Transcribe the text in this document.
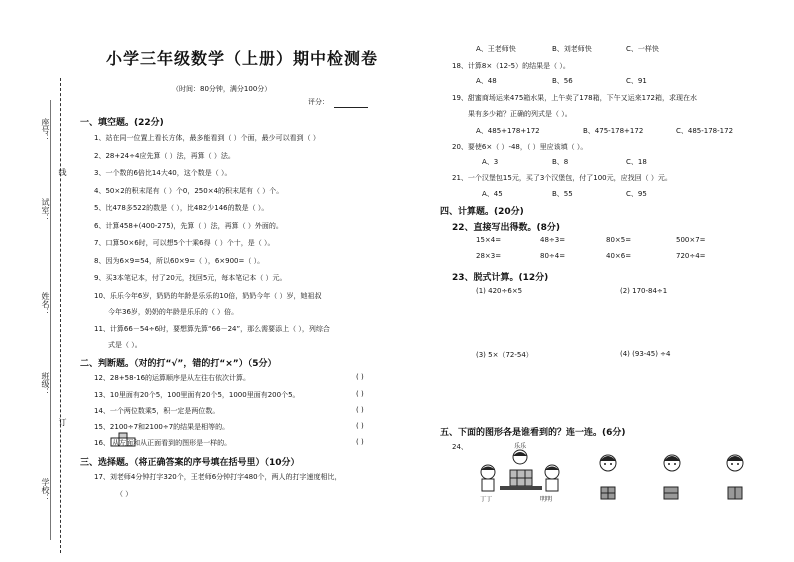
座号：
线
试室：
姓名：
班级：
订
学校：
小学三年级数学（上册）期中检测卷
（时间：80分钟，满分100分）
评分：
一、填空题。(22分)
1、站在同一位置上看长方体，最多能看到（ ）个面，最少可以看到（ ）
2、28+24÷4应先算（ ）法，再算（ ）法。
3、一个数的6倍比14大40，这个数是（ ）。
4、50×2的积末尾有（ ）个0，250×4的积末尾有（ ）个。
5、比478多522的数是（ ），比482少146的数是（ ）。
6、计算458+(400-275)，先算（ ）法，再算（ ）外面的。
7、口算50×6时，可以想5个十乘6得（ ）个十，是（ ）。
8、因为6×9=54，所以60×9=（ ），6×900=（ ）。
9、买3本笔记本，付了20元，找回5元，每本笔记本（ ）元。
10、乐乐今年6岁，奶奶的年龄是乐乐的10倍，奶奶今年（ ）岁，她祖叔
今年36岁，奶奶的年龄是乐乐的（ ）倍。
11、计算66－54÷6时，要想算先算“66－24”，那么需要添上（ ），列综合
式是（ ）。
二、判断题。（对的打“√”，错的打“×”）（5分）
12、28+58-16的运算顺序是从左往右依次计算。	( )
13、10里面有20个5，100里面有20个5，1000里面有200个5。	( )
14、一个两位数乘5，积一定是两位数。	( )
15、2100÷7和2100÷7的结果是相等的。	( )
16、 从左面和从正面看到的图形是一样的。	( )
三、选择题。（将正确答案的序号填在括号里）（10分）
17、刘老师4分钟打字320个，王老师6分钟打字480个，两人的打字速度相比，
（ ）
A、王老师快	B、刘老师快	C、一样快
18、计算8×（12-5）的结果是（ ）。
A、48	B、56	C、91
19、甜蜜商场运来475箱水果，上午卖了178箱，下午又运来172箱，求现在水
果有多少箱？正确的列式是（ ）。
A、485+178+172	B、475-178+172	C、485-178-172
20、要使6×（ ）-48，（ ）里应该填（ ）。
A、3	B、8	C、18
21、一个汉堡包15元，买了3个汉堡包，付了100元，应找回（ ）元。
A、45	B、55	C、95
四、计算题。(20分)
22、直接写出得数。(8分)
15×4=	48÷3=	80×5=	500×7=
28×3=	80÷4=	40×6=	720÷4=
23、脱式计算。(12分)
(1) 420÷6×5	(2) 170-84÷1
(3) 5×（72-54）	(4) (93-45) ÷4
五、下面的图形各是谁看到的？连一连。(6分)
24、	乐乐
丁丁	明明
